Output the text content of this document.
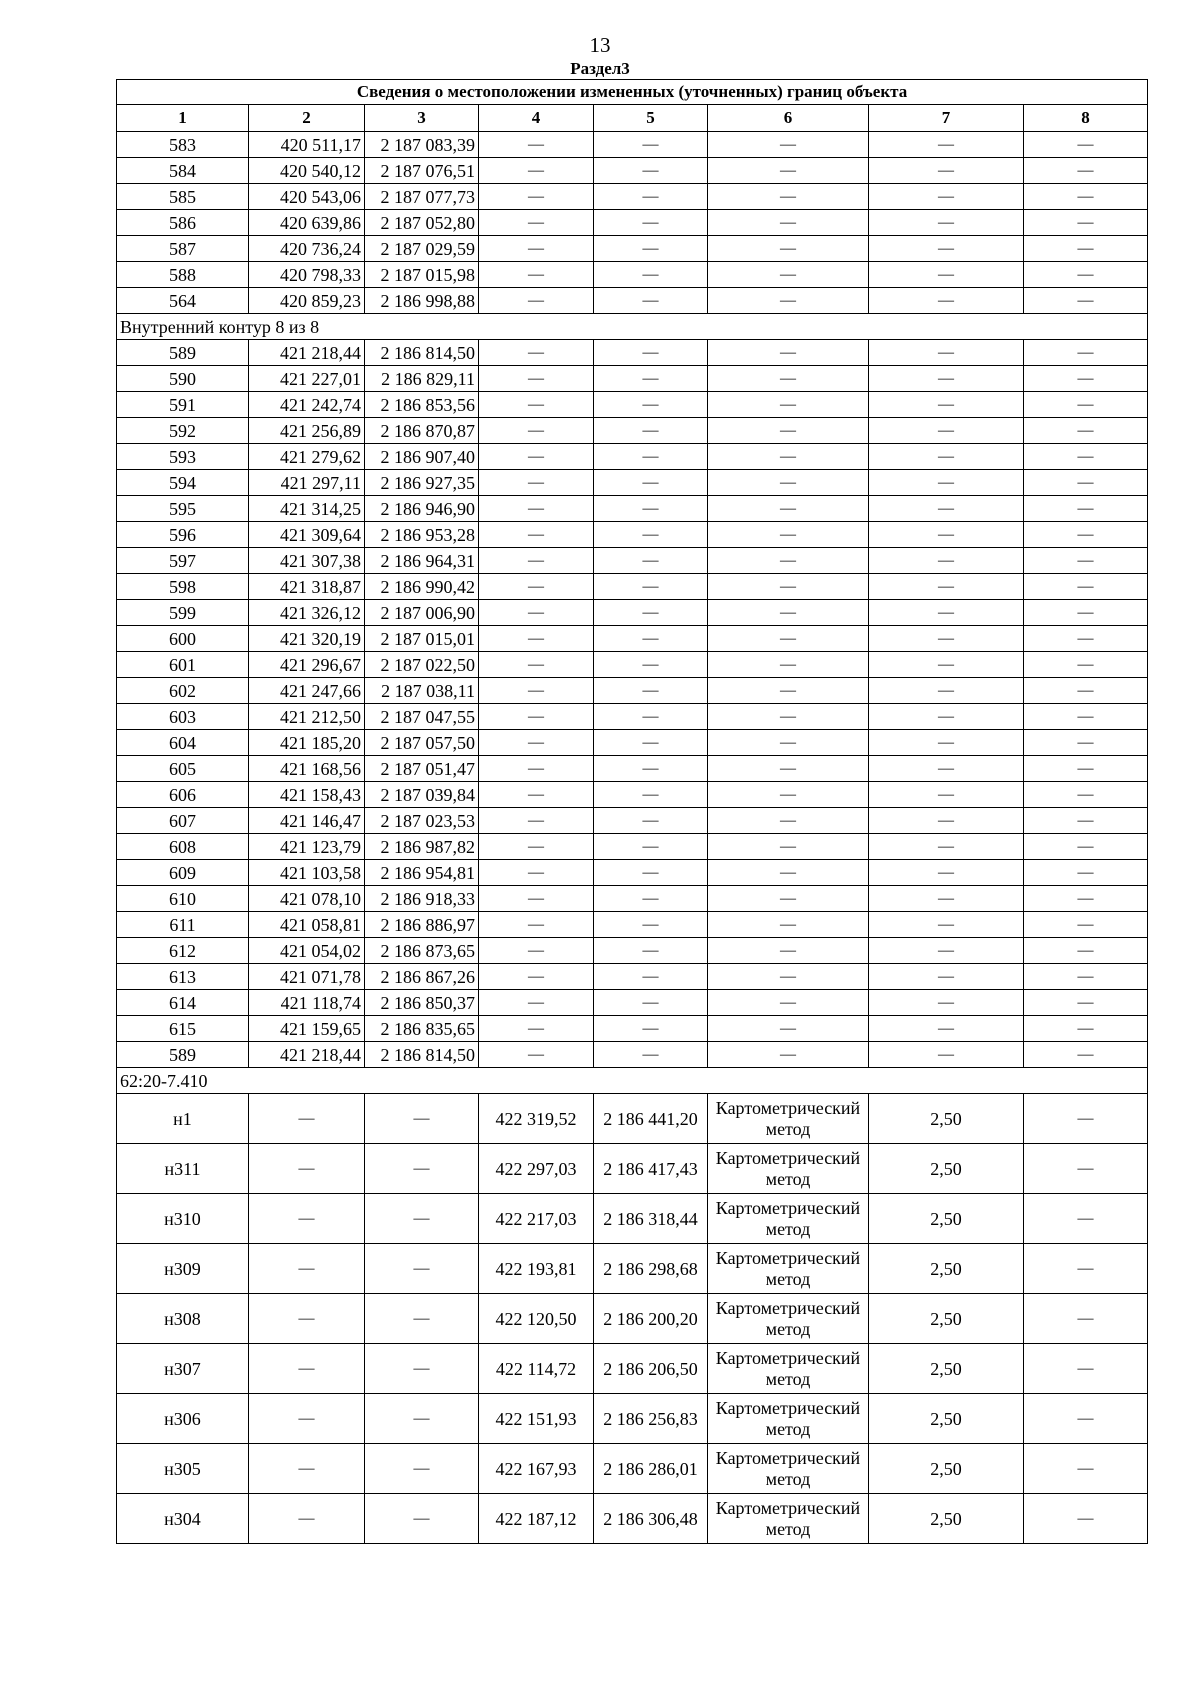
13
Раздел3
Сведения о местоположении измененных (уточненных) границ объекта							
1	2	3	4	5	6	7	8
583	420 511,17	2 187 083,39	—	—	—	—	—
584	420 540,12	2 187 076,51	—	—	—	—	—
585	420 543,06	2 187 077,73	—	—	—	—	—
586	420 639,86	2 187 052,80	—	—	—	—	—
587	420 736,24	2 187 029,59	—	—	—	—	—
588	420 798,33	2 187 015,98	—	—	—	—	—
564	420 859,23	2 186 998,88	—	—	—	—	—
Внутренний контур 8 из 8							
589	421 218,44	2 186 814,50	—	—	—	—	—
590	421 227,01	2 186 829,11	—	—	—	—	—
591	421 242,74	2 186 853,56	—	—	—	—	—
592	421 256,89	2 186 870,87	—	—	—	—	—
593	421 279,62	2 186 907,40	—	—	—	—	—
594	421 297,11	2 186 927,35	—	—	—	—	—
595	421 314,25	2 186 946,90	—	—	—	—	—
596	421 309,64	2 186 953,28	—	—	—	—	—
597	421 307,38	2 186 964,31	—	—	—	—	—
598	421 318,87	2 186 990,42	—	—	—	—	—
599	421 326,12	2 187 006,90	—	—	—	—	—
600	421 320,19	2 187 015,01	—	—	—	—	—
601	421 296,67	2 187 022,50	—	—	—	—	—
602	421 247,66	2 187 038,11	—	—	—	—	—
603	421 212,50	2 187 047,55	—	—	—	—	—
604	421 185,20	2 187 057,50	—	—	—	—	—
605	421 168,56	2 187 051,47	—	—	—	—	—
606	421 158,43	2 187 039,84	—	—	—	—	—
607	421 146,47	2 187 023,53	—	—	—	—	—
608	421 123,79	2 186 987,82	—	—	—	—	—
609	421 103,58	2 186 954,81	—	—	—	—	—
610	421 078,10	2 186 918,33	—	—	—	—	—
611	421 058,81	2 186 886,97	—	—	—	—	—
612	421 054,02	2 186 873,65	—	—	—	—	—
613	421 071,78	2 186 867,26	—	—	—	—	—
614	421 118,74	2 186 850,37	—	—	—	—	—
615	421 159,65	2 186 835,65	—	—	—	—	—
589	421 218,44	2 186 814,50	—	—	—	—	—
62:20-7.410							
н1	—	—	422 319,52	2 186 441,20	Картометрический метод	2,50	—
н311	—	—	422 297,03	2 186 417,43	Картометрический метод	2,50	—
н310	—	—	422 217,03	2 186 318,44	Картометрический метод	2,50	—
н309	—	—	422 193,81	2 186 298,68	Картометрический метод	2,50	—
н308	—	—	422 120,50	2 186 200,20	Картометрический метод	2,50	—
н307	—	—	422 114,72	2 186 206,50	Картометрический метод	2,50	—
н306	—	—	422 151,93	2 186 256,83	Картометрический метод	2,50	—
н305	—	—	422 167,93	2 186 286,01	Картометрический метод	2,50	—
н304	—	—	422 187,12	2 186 306,48	Картометрический метод	2,50	—
